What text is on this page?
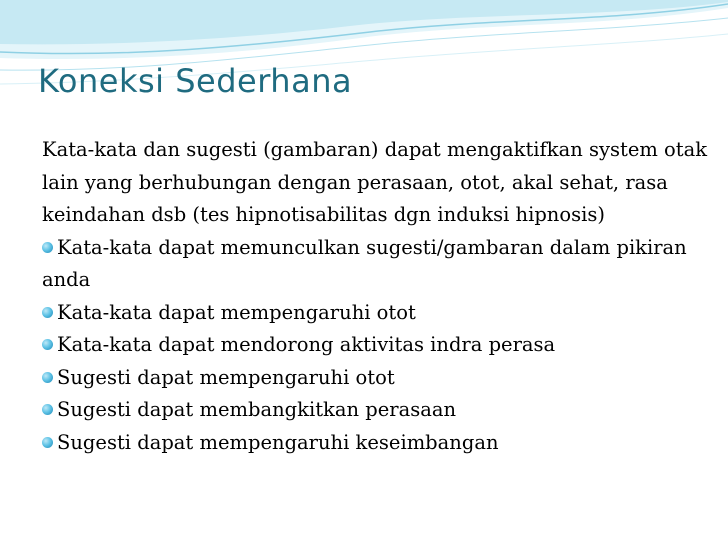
Koneksi Sederhana

Kata-kata dan sugesti (gambaran) dapat mengaktifkan system otak lain yang berhubungan dengan perasaan, otot, akal sehat, rasa keindahan dsb (tes hipnotisabilitas dgn induksi hipnosis)

Kata-kata dapat memunculkan sugesti/gambaran dalam pikiran anda
Kata-kata dapat mempengaruhi otot
Kata-kata dapat mendorong aktivitas indra perasa
Sugesti dapat mempengaruhi otot
Sugesti dapat membangkitkan perasaan
Sugesti dapat mempengaruhi keseimbangan
